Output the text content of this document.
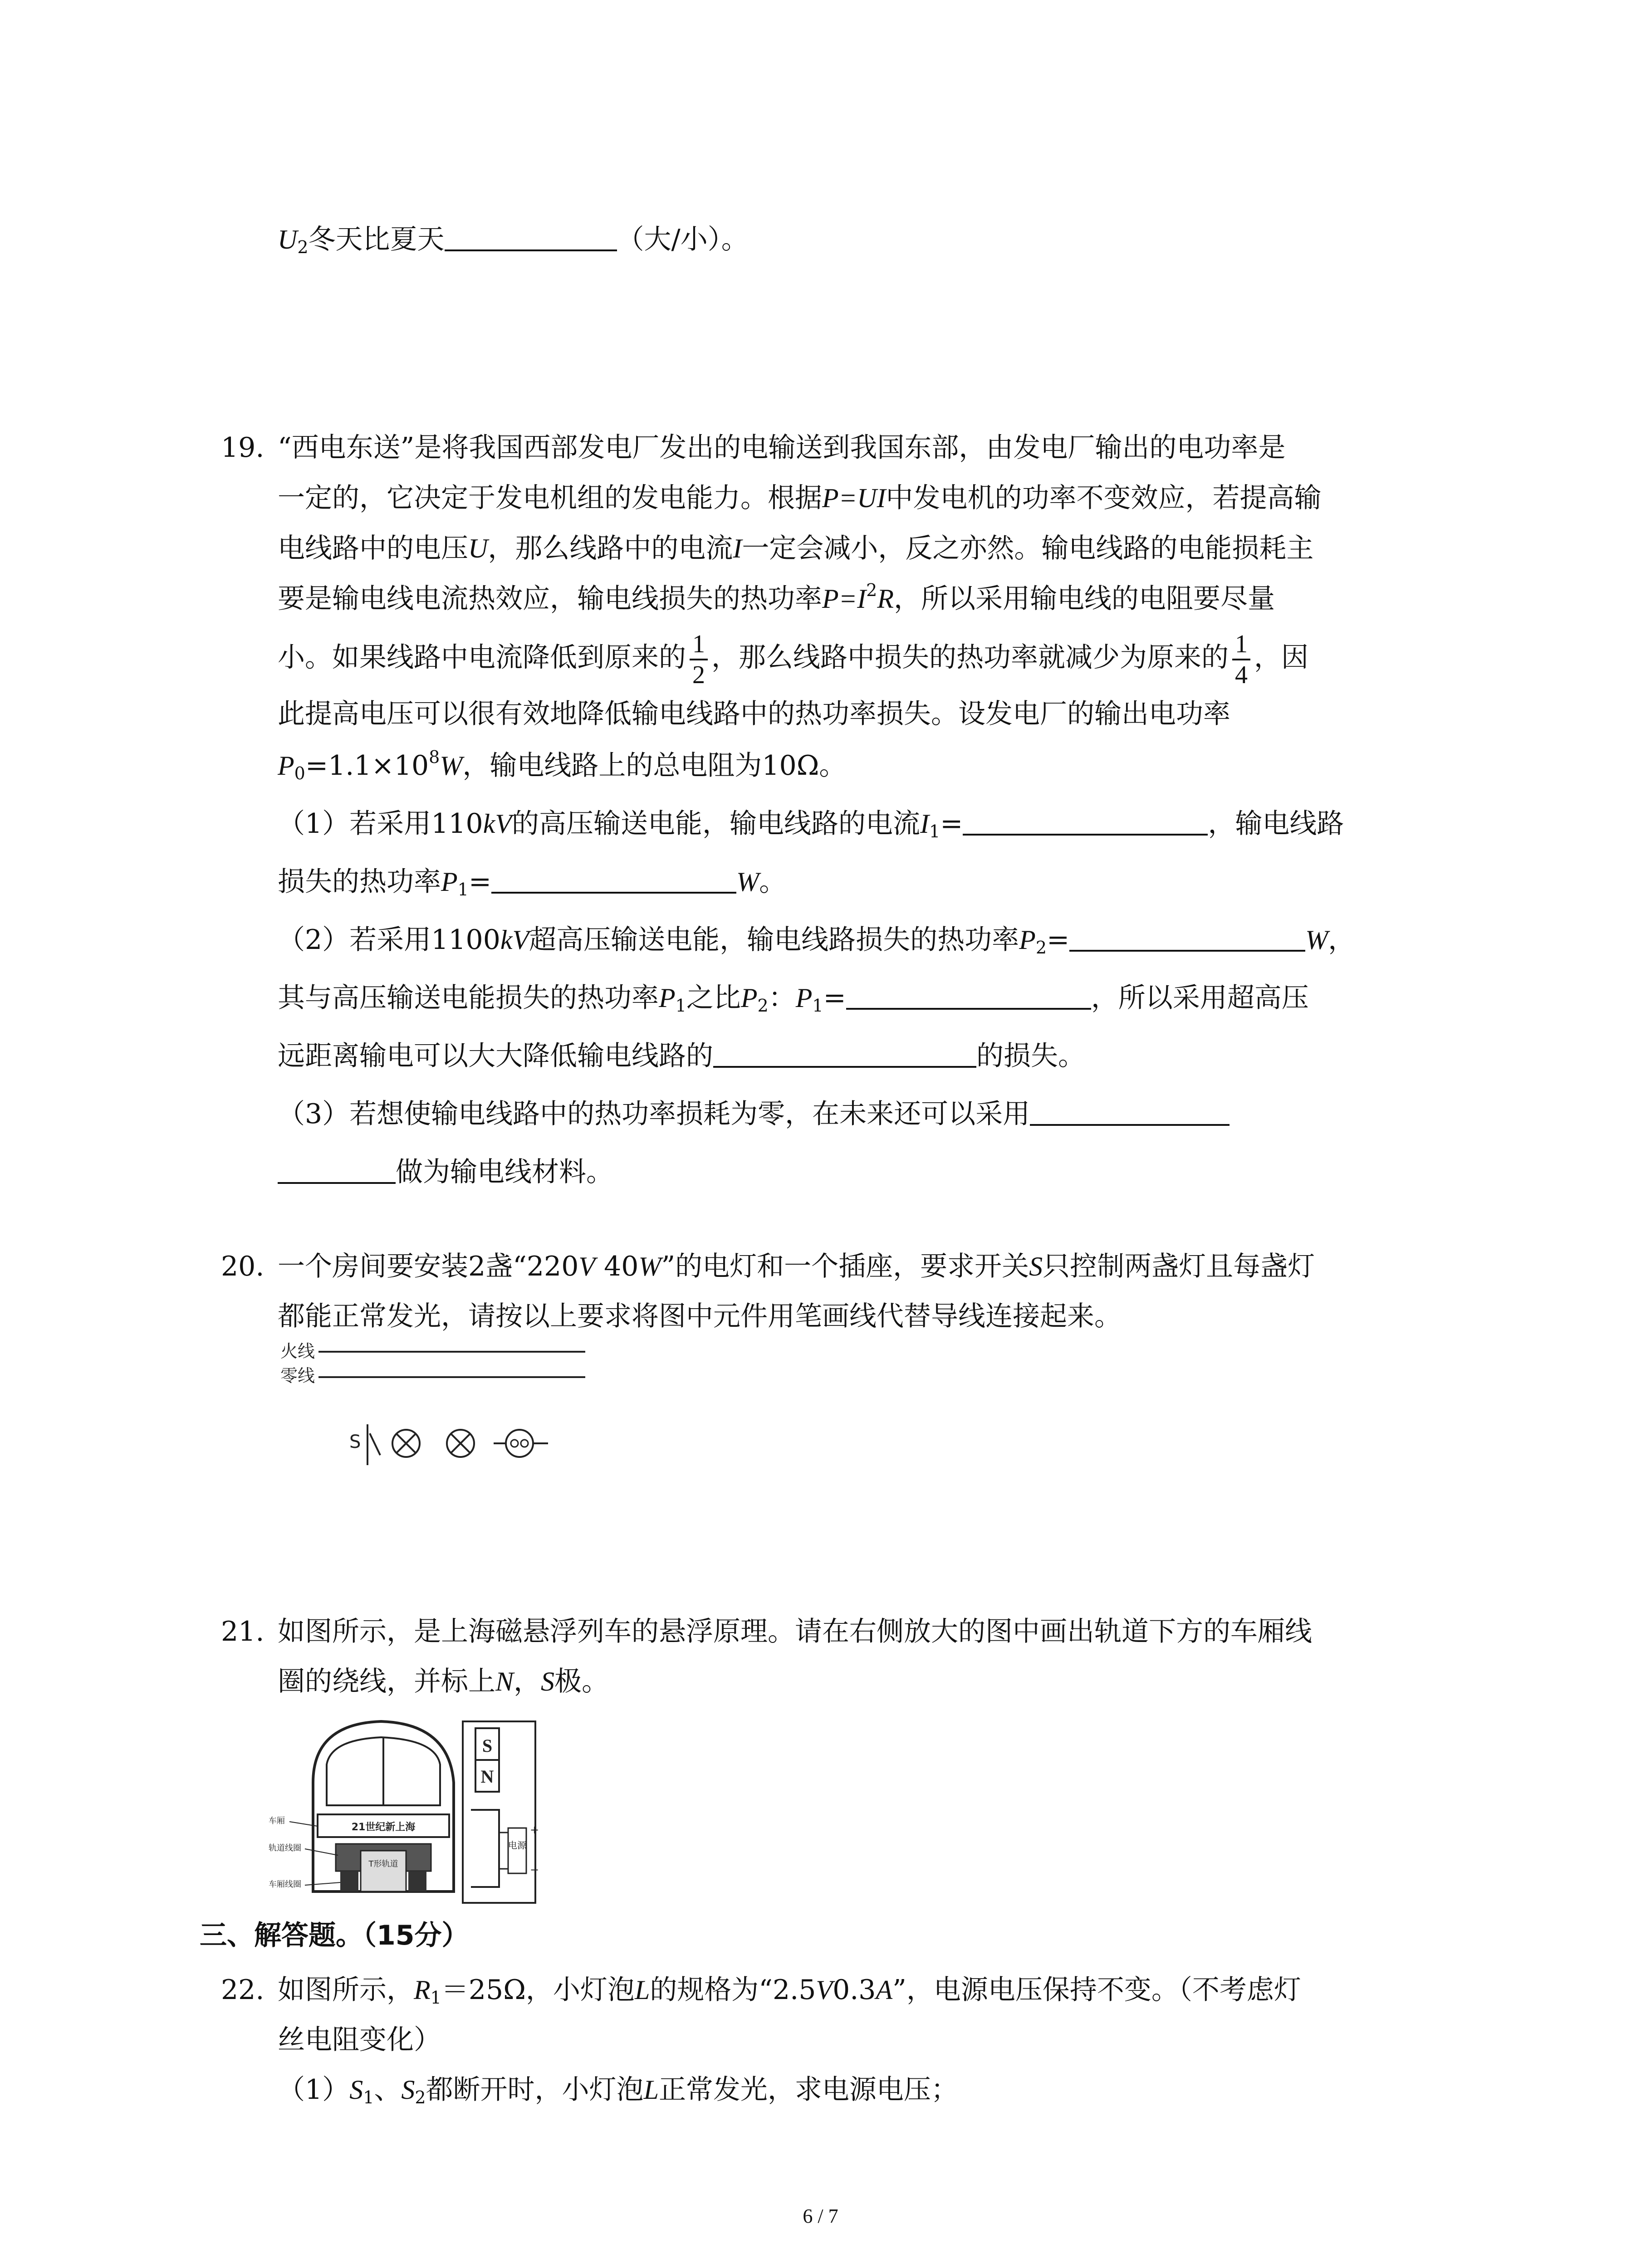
$U_2$冬天比夏天	（大/小）。
19. “西电东送”是将我国西部发电厂发出的电输送到我国东部，由发电厂输出的电功率是
一定的，它决定于发电机组的发电能力。根据P=UI中发电机的功率不变效应，若提高输
电线路中的电压U，那么线路中的电流I一定会减小，反之亦然。输电线路的电能损耗主
要是输电线电流热效应，输电线损失的热功率$P=I^2R$，所以采用输电线的电阻要尽量
小。如果线路中电流降低到原来的 $\frac{1}{2}$ ，那么线路中损失的热功率就减少为原来的 $\frac{1}{4}$ ，因
此提高电压可以很有效地降低输电线路中的热功率损失。设发电厂的输出电功率
$P_0=1.1\times 10^8W$，输电线路上的总电阻为10Ω。
（1）若采用110kV的高压输送电能，输电线路的电流$I_1=$	，输电线路
损失的热功率$P_1=$	W。
（2）若采用1100kV超高压输送电能，输电线路损失的热功率$P_2=$	W，
其与高压输送电能损失的热功率$P_1$之比$P_2$：$P_1=$	，所以采用超高压
远距离输电可以大大降低输电线路的	的损失。
（3）若想使输电线路中的热功率损耗为零，在未来还可以采用
做为输电线材料。
20. 一个房间要安装2盏“220V 40W”的电灯和一个插座，要求开关S只控制两盏灯且每盏灯
都能正常发光，请按以上要求将图中元件用笔画线代替导线连接起来。
火线
零线
S
21. 如图所示，是上海磁悬浮列车的悬浮原理。请在右侧放大的图中画出轨道下方的车厢线
圈的绕线，并标上N，S极。
21世纪新上海
T形轨道
车厢
轨道线圈
车厢线圈
S
N
电源
+
−
三、解答题。（15分）
22. 如图所示，$R_1=25\Omega$，小灯泡L的规格为“2.5V0.3A”，电源电压保持不变。（不考虑灯
丝电阻变化）
$(1)S_1$、$S_2$都断开时，小灯泡L正常发光，求电源电压；
6 / 7
